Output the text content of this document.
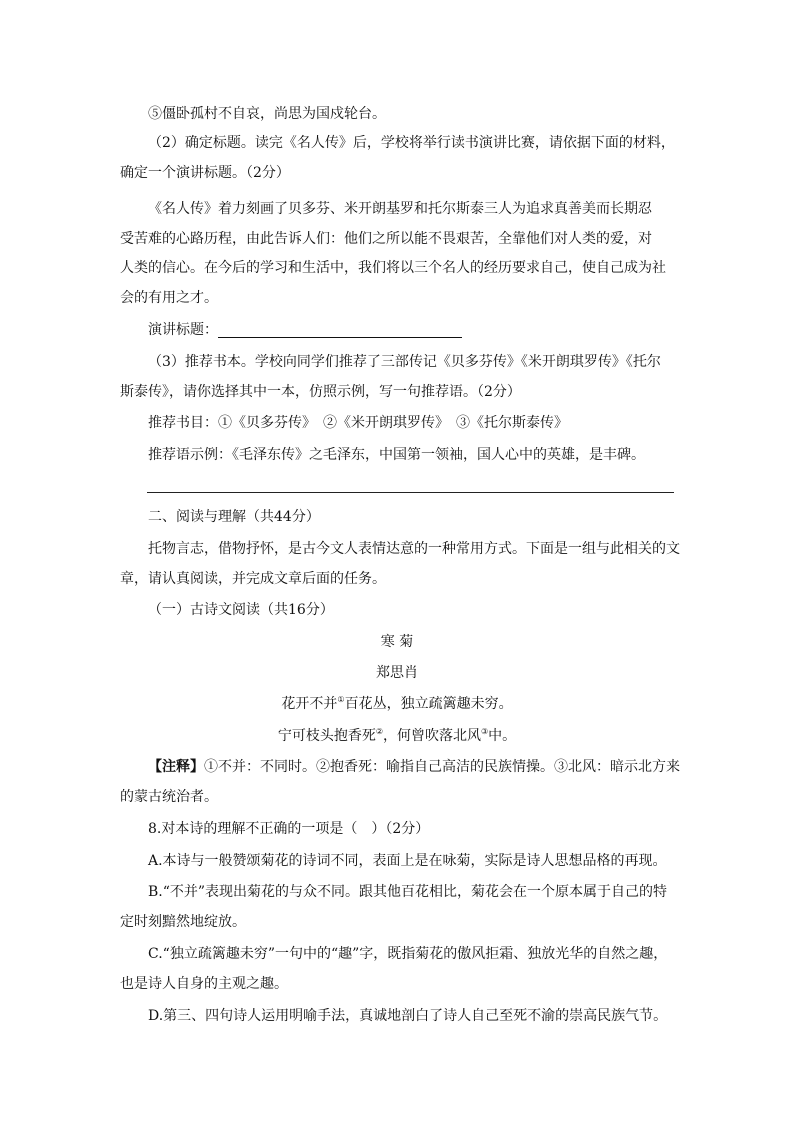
⑤僵卧孤村不自哀，尚思为国戍轮台。
（2）确定标题。读完《名人传》后，学校将举行读书演讲比赛，请依据下面的材料，
确定一个演讲标题。（2分）
《名人传》着力刻画了贝多芬、米开朗基罗和托尔斯泰三人为追求真善美而长期忍
受苦难的心路历程，由此告诉人们：他们之所以能不畏艰苦，全靠他们对人类的爱，对
人类的信心。在今后的学习和生活中，我们将以三个名人的经历要求自己，使自己成为社
会的有用之才。
演讲标题：
（3）推荐书本。学校向同学们推荐了三部传记《贝多芬传》《米开朗琪罗传》《托尔
斯泰传》，请你选择其中一本，仿照示例，写一句推荐语。（2分）
推荐书目：①《贝多芬传》　②《米开朗琪罗传》　③《托尔斯泰传》
推荐语示例：《毛泽东传》之毛泽东，中国第一领袖，国人心中的英雄，是丰碑。
二、阅读与理解（共44分）
托物言志，借物抒怀，是古今文人表情达意的一种常用方式。下面是一组与此相关的文
章，请认真阅读，并完成文章后面的任务。
（一）古诗文阅读（共16分）
寒 菊
郑思肖
花开不并①百花丛，独立疏篱趣未穷。
宁可枝头抱香死②，何曾吹落北风③中。
【注释】①不并：不同时。②抱香死：喻指自己高洁的民族情操。③北风：暗示北方来
的蒙古统治者。
8.对本诗的理解不正确的一项是（　）（2分）
A.本诗与一般赞颂菊花的诗词不同，表面上是在咏菊，实际是诗人思想品格的再现。
B.“不并”表现出菊花的与众不同。跟其他百花相比，菊花会在一个原本属于自己的特
定时刻黯然地绽放。
C.“独立疏篱趣未穷”一句中的“趣”字，既指菊花的傲风拒霜、独放光华的自然之趣，
也是诗人自身的主观之趣。
D.第三、四句诗人运用明喻手法，真诚地剖白了诗人自己至死不渝的崇高民族气节。
